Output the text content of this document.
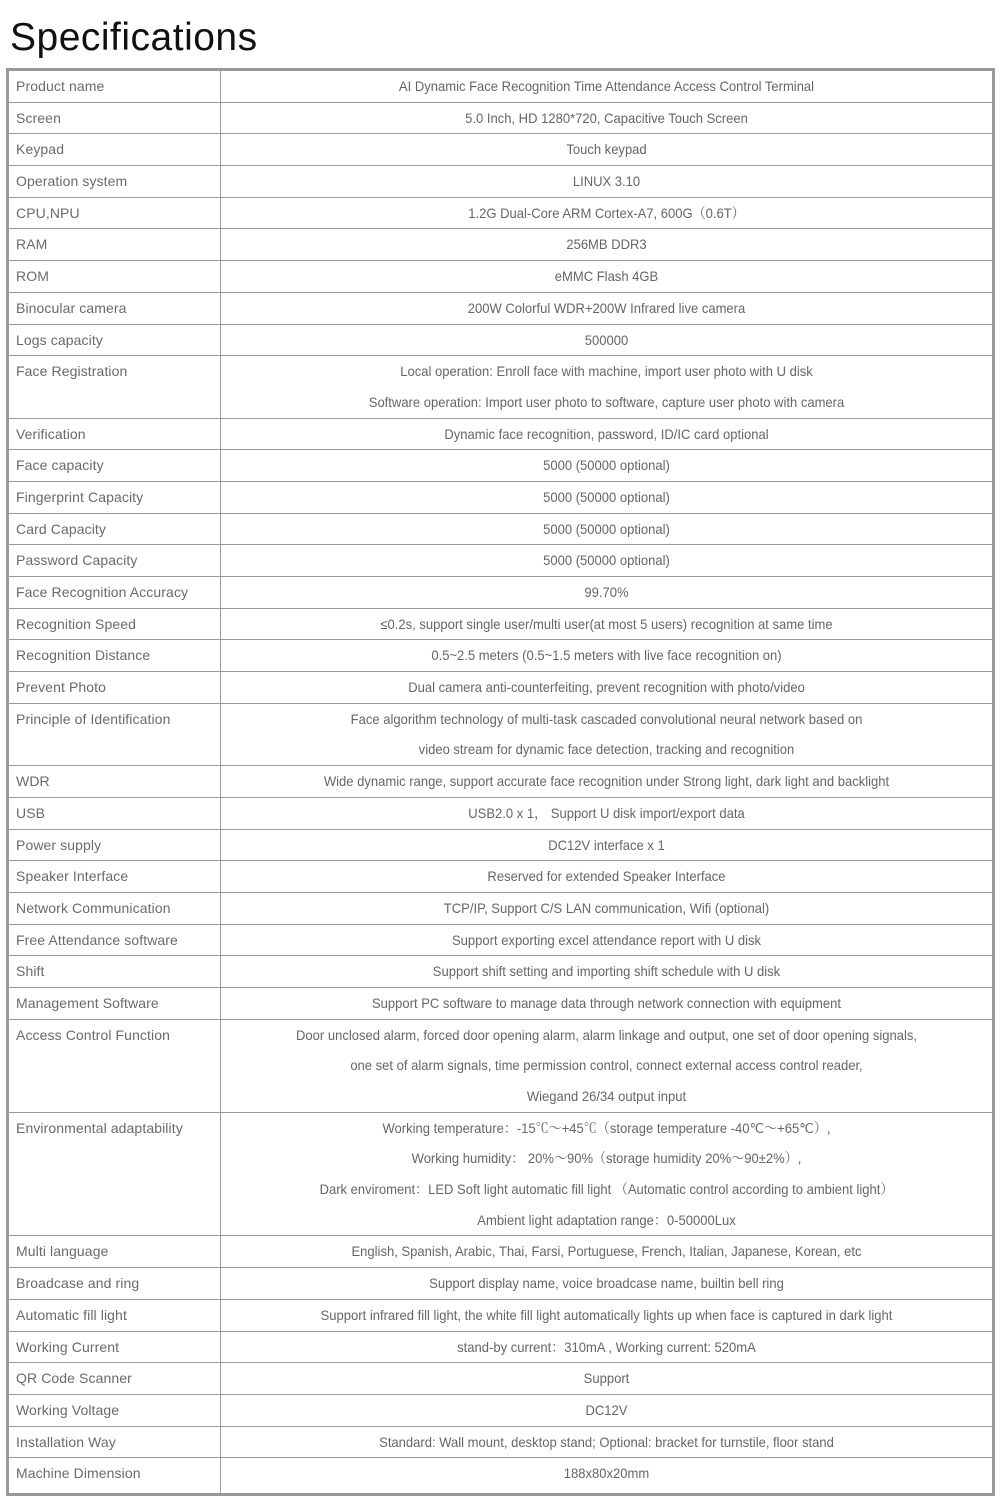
Specifications
Product name	AI Dynamic Face Recognition Time Attendance Access Control Terminal

Screen	5.0 Inch, HD 1280*720, Capacitive Touch Screen

Keypad	Touch keypad

Operation system	LINUX 3.10

CPU,NPU	1.2G Dual-Core ARM Cortex-A7, 600G（0.6T）

RAM	256MB DDR3

ROM	eMMC Flash 4GB

Binocular camera	200W Colorful WDR+200W Infrared live camera

Logs capacity	500000

Face Registration	Local operation: Enroll face with machine, import user photo with U disk
Software operation: Import user photo to software, capture user photo with camera

Verification	Dynamic face recognition, password, ID/IC card optional

Face capacity	5000 (50000 optional)

Fingerprint Capacity	5000 (50000 optional)

Card Capacity	5000 (50000 optional)

Password Capacity	5000 (50000 optional)

Face Recognition Accuracy	99.70%

Recognition Speed	≤0.2s, support single user/multi user(at most 5 users) recognition at same time

Recognition Distance	0.5~2.5 meters (0.5~1.5 meters with live face recognition on)

Prevent Photo	Dual camera anti-counterfeiting, prevent recognition with photo/video

Principle of Identification	Face algorithm technology of multi-task cascaded convolutional neural network based on
video stream for dynamic face detection, tracking and recognition

WDR	Wide dynamic range, support accurate face recognition under Strong light, dark light and backlight

USB	USB2.0 x 1， Support U disk import/export data

Power supply	DC12V interface x 1

Speaker Interface	Reserved for extended Speaker Interface

Network Communication	TCP/IP, Support C/S LAN communication, Wifi (optional)

Free Attendance software	Support exporting excel attendance report with U disk

Shift	Support shift setting and importing shift schedule with U disk

Management Software	Support PC software to manage data through network connection with equipment

Access Control Function	Door unclosed alarm, forced door opening alarm, alarm linkage and output, one set of door opening signals,
one set of alarm signals, time permission control, connect external access control reader,
Wiegand 26/34 output input

Environmental adaptability	Working temperature：-15℃～+45℃（storage temperature -40℃～+65℃）,
Working humidity： 20%～90%（storage humidity 20%～90±2%）,
Dark enviroment：LED Soft light automatic fill light （Automatic control according to ambient light）
Ambient light adaptation range：0-50000Lux

Multi language	English, Spanish, Arabic, Thai, Farsi, Portuguese, French, Italian, Japanese, Korean, etc

Broadcase and ring	Support display name, voice broadcase name, builtin bell ring

Automatic fill light	Support infrared fill light, the white fill light automatically lights up when face is captured in dark light

Working Current	stand-by current：310mA , Working current: 520mA

QR Code Scanner	Support

Working Voltage	DC12V

Installation Way	Standard: Wall mount, desktop stand; Optional: bracket for turnstile, floor stand

Machine Dimension	188x80x20mm
